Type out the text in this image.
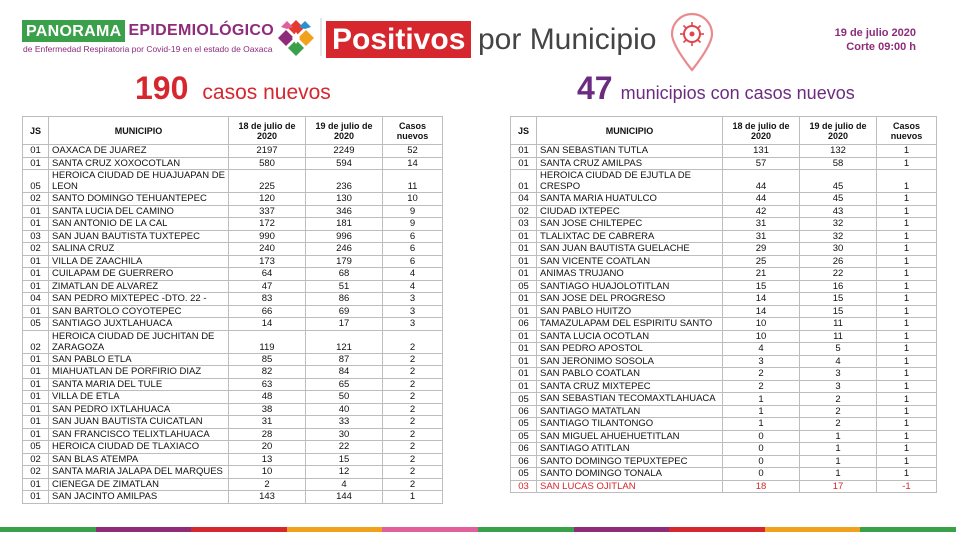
PANORAMA EPIDEMIOLÓGICO
de Enfermedad Respiratoria por Covid-19 en el estado de Oaxaca Positivos por Municipio	19 de julio 2020
Corte 09:00 h
190 casos nuevos	47 municipios con casos nuevos
JS	MUNICIPIO	18 de julio de 2020	19 de julio de 2020	Casos nuevos
01	OAXACA DE JUAREZ	2197	2249	52
01	SANTA CRUZ XOXOCOTLAN	580	594	14
05	HEROICA CIUDAD DE HUAJUAPAN DE LEON	225	236	11
02	SANTO DOMINGO TEHUANTEPEC	120	130	10
01	SANTA LUCIA DEL CAMINO	337	346	9
01	SAN ANTONIO DE LA CAL	172	181	9
03	SAN JUAN BAUTISTA TUXTEPEC	990	996	6
02	SALINA CRUZ	240	246	6
01	VILLA DE ZAACHILA	173	179	6
01	CUILAPAM DE GUERRERO	64	68	4
01	ZIMATLAN DE ALVAREZ	47	51	4
04	SAN PEDRO MIXTEPEC -DTO. 22 -	83	86	3
01	SAN BARTOLO COYOTEPEC	66	69	3
05	SANTIAGO JUXTLAHUACA	14	17	3
02	HEROICA CIUDAD DE JUCHITAN DE ZARAGOZA	119	121	2
01	SAN PABLO ETLA	85	87	2
01	MIAHUATLAN DE PORFIRIO DIAZ	82	84	2
01	SANTA MARIA DEL TULE	63	65	2
01	VILLA DE ETLA	48	50	2
01	SAN PEDRO IXTLAHUACA	38	40	2
01	SAN JUAN BAUTISTA CUICATLAN	31	33	2
01	SAN FRANCISCO TELIXTLAHUACA	28	30	2
05	HEROICA CIUDAD DE TLAXIACO	20	22	2
02	SAN BLAS ATEMPA	13	15	2
02	SANTA MARIA JALAPA DEL MARQUES	10	12	2
01	CIENEGA DE ZIMATLAN	2	4	2
01	SAN JACINTO AMILPAS	143	144	1
JS	MUNICIPIO	18 de julio de 2020	19 de julio de 2020	Casos nuevos
01	SAN SEBASTIAN TUTLA	131	132	1
01	SANTA CRUZ AMILPAS	57	58	1
01	HEROICA CIUDAD DE EJUTLA DE CRESPO	44	45	1
04	SANTA MARIA HUATULCO	44	45	1
02	CIUDAD IXTEPEC	42	43	1
03	SAN JOSE CHILTEPEC	31	32	1
01	TLALIXTAC DE CABRERA	31	32	1
01	SAN JUAN BAUTISTA GUELACHE	29	30	1
01	SAN VICENTE COATLAN	25	26	1
01	ANIMAS TRUJANO	21	22	1
05	SANTIAGO HUAJOLOTITLAN	15	16	1
01	SAN JOSE DEL PROGRESO	14	15	1
01	SAN PABLO HUITZO	14	15	1
06	TAMAZULAPAM DEL ESPIRITU SANTO	10	11	1
01	SANTA LUCIA OCOTLAN	10	11	1
01	SAN PEDRO APOSTOL	4	5	1
01	SAN JERONIMO SOSOLA	3	4	1
01	SAN PABLO COATLAN	2	3	1
01	SANTA CRUZ MIXTEPEC	2	3	1
05	SAN SEBASTIAN TECOMAXTLAHUACA	1	2	1
06	SANTIAGO MATATLAN	1	2	1
05	SANTIAGO TILANTONGO	1	2	1
05	SAN MIGUEL AHUEHUETITLAN	0	1	1
06	SANTIAGO ATITLAN	0	1	1
06	SANTO DOMINGO TEPUXTEPEC	0	1	1
05	SANTO DOMINGO TONALA	0	1	1
03	SAN LUCAS OJITLAN	18	17	-1
